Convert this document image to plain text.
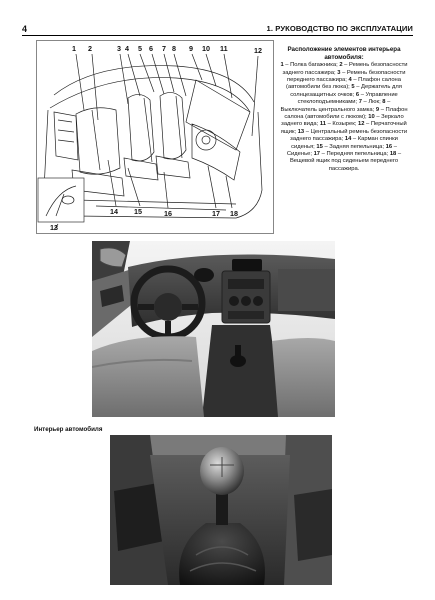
4	1. РУКОВОДСТВО ПО ЭКСПЛУАТАЦИИ
1 2	3 4 5 6 7 8 9 10 11	12
13
14 15	16	17 18
Расположение элементов интерьера автомобиля:
1 – Полка багажника; 2 – Ремень безопасности заднего пассажира; 3 – Ремень безопасности переднего пассажира; 4 – Плафон салона (автомобили без люка); 5 – Держатель для солнцезащитных очков; 6 – Управление стеклоподъемниками; 7 – Люк; 8 – Выключатель центрального замка; 9 – Плафон салона (автомобили с люком); 10 – Зеркало заднего вида; 11 – Козырек; 12 – Перчаточный ящик; 13 – Центральный ремень безопасности заднего пассажира; 14 – Карман спинки сиденья; 15 – Задняя пепельница; 16 – Сиденье; 17 – Передняя пепельница; 18 – Вещевой ящик под сиденьем переднего пассажира.
Интерьер автомобиля
